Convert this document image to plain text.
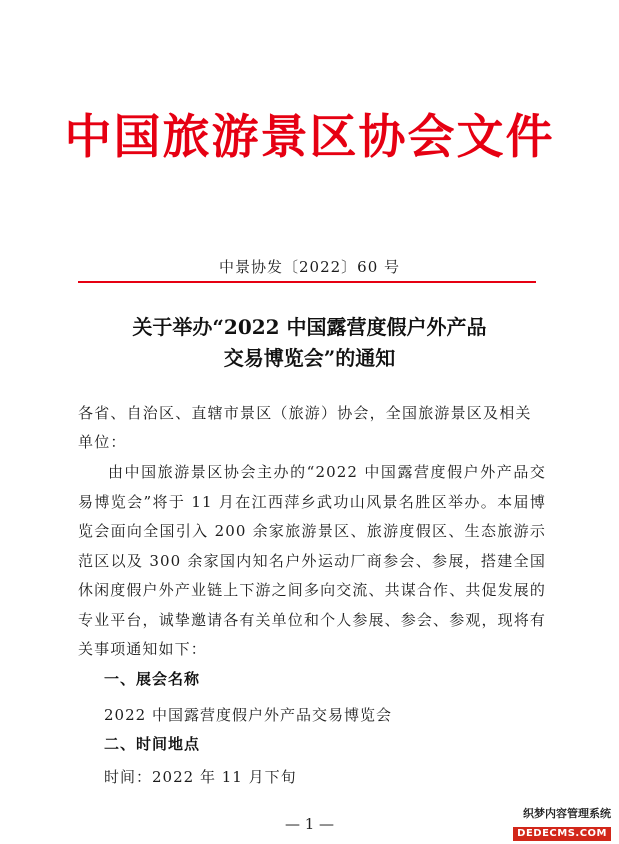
中国旅游景区协会文件
中景协发〔2022〕60 号
关于举办“2022 中国露营度假户外产品
交易博览会”的通知
各省、自治区、直辖市景区（旅游）协会，全国旅游景区及相关单位：
由中国旅游景区协会主办的“2022 中国露营度假户外产品交易博览会”将于 11 月在江西萍乡武功山风景名胜区举办。本届博览会面向全国引入 200 余家旅游景区、旅游度假区、生态旅游示范区以及 300 余家国内知名户外运动厂商参会、参展，搭建全国休闲度假户外产业链上下游之间多向交流、共谋合作、共促发展的专业平台，诚挚邀请各有关单位和个人参展、参会、参观，现将有关事项通知如下：
一、展会名称
2022 中国露营度假户外产品交易博览会
二、时间地点
时间：2022 年 11 月下旬
— 1 —
织梦内容管理系统
DEDECMS.COM
